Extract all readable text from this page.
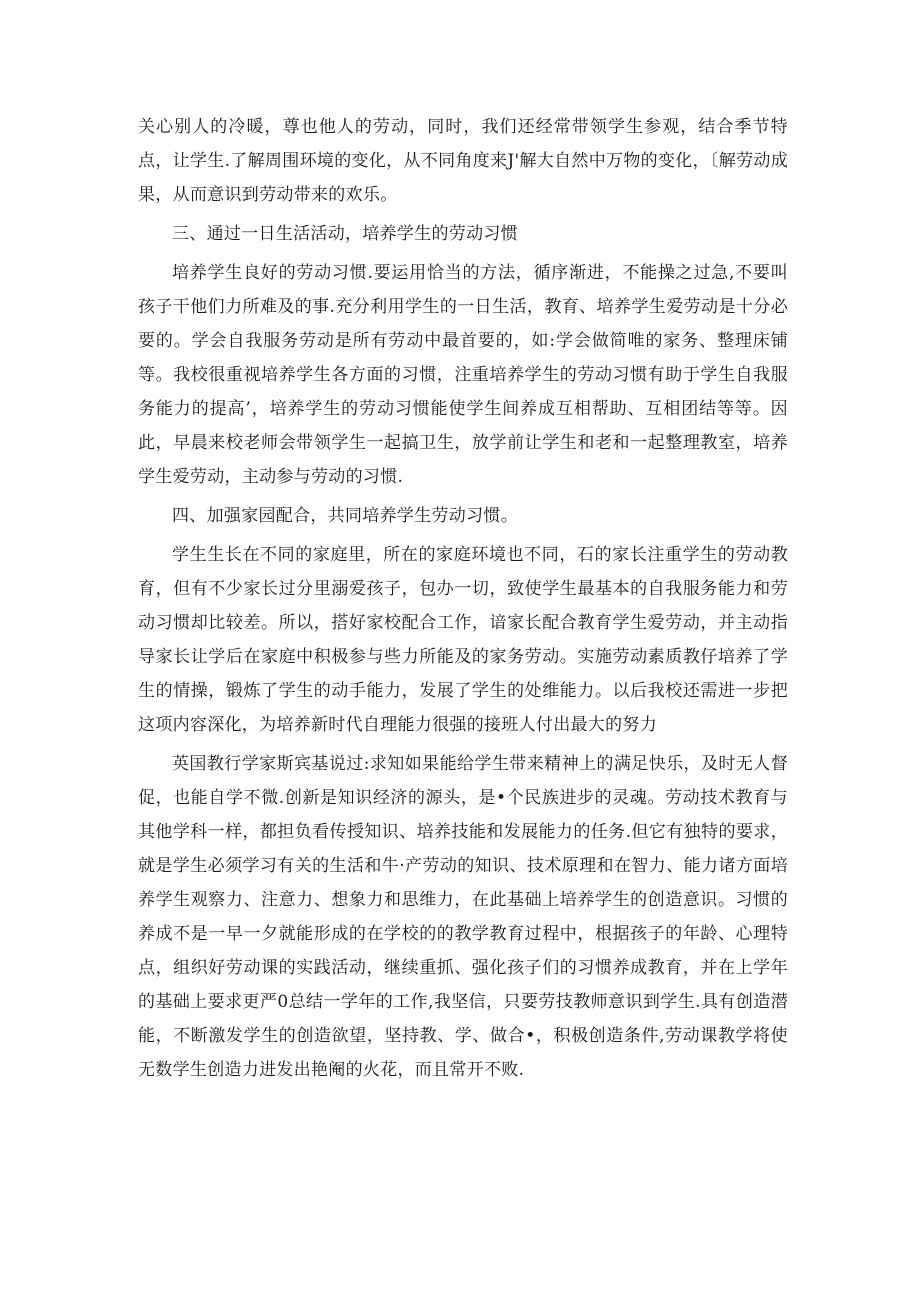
关心别人的冷暖，尊也他人的劳动，同时，我们还经常带领学生参观，结合季节特点，让学生.了解周围环境的变化，从不同角度来J'解大自然中万物的变化，〔解劳动成果，从而意识到劳动带来的欢乐。

三、通过一日生活活动，培养学生的劳动习惯

培养学生良好的劳动习惯.要运用恰当的方法，循序渐进，不能操之过急,不要叫孩子干他们力所难及的事.充分利用学生的一日生活，教育、培养学生爱劳动是十分必要的。学会自我服务劳动是所有劳动中最首要的，如:学会做简唯的家务、整理床铺等。我校很重视培养学生各方面的习惯，注重培养学生的劳动习惯有助于学生自我服务能力的提高’，培养学生的劳动习惯能使学生间养成互相帮助、互相团结等等。因此，早晨来校老师会带领学生一起搞卫生，放学前让学生和老和一起整理教室，培养学生爱劳动，主动参与劳动的习惯.

四、加强家园配合，共同培养学生劳动习惯。

学生生长在不同的家庭里，所在的家庭环境也不同，石的家长注重学生的劳动教育，但有不少家长过分里溺爱孩子，包办一切，致使学生最基本的自我服务能力和劳动习惯却比较差。所以，搭好家校配合工作，谙家长配合教育学生爱劳动，并主动指导家长让学后在家庭中积极参与些力所能及的家务劳动。实施劳动素质教仔培养了学生的情操，锻炼了学生的动手能力，发展了学生的处维能力。以后我校还需进一步把这项内容深化，为培养新时代自理能力很强的接班人付出最大的努力

英国教行学家斯宾基说过:求知如果能给学生带来精神上的满足快乐，及时无人督促，也能自学不微.创新是知识经济的源头，是•个民族进步的灵魂。劳动技术教育与其他学科一样，都担负看传授知识、培养技能和发展能力的任务.但它有独特的要求，就是学生必须学习有关的生活和牛·产劳动的知识、技术原理和在智力、能力诸方面培养学生观察力、注意力、想象力和思维力，在此基础上培养学生的创造意识。习惯的养成不是一早一夕就能形成的在学校的的教学教育过程中，根据孩子的年龄、心理特点，组织好劳动课的实践活动，继续重抓、强化孩子们的习惯养成教育，并在上学年的基础上要求更严0总结一学年的工作,我坚信，只要劳技教师意识到学生.具有创造潜能，不断激发学生的创造欲望，坚持教、学、做合•，积极创造条件,劳动课教学将使无数学生创造力进发出艳阉的火花，而且常开不败.
